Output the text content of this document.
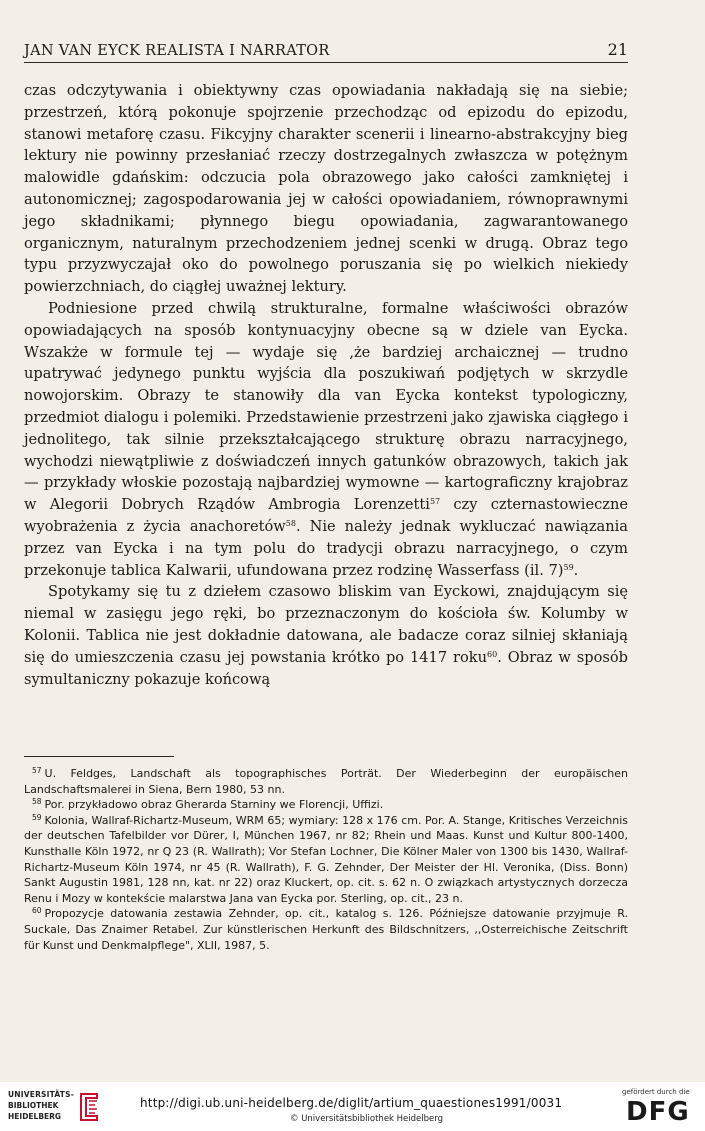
JAN VAN EYCK REALISTA I NARRATOR	21

czas odczytywania i obiektywny czas opowiadania nakładają się na siebie; przestrzeń, którą pokonuje spojrzenie przechodząc od epizodu do epizodu, stanowi metaforę czasu. Fikcyjny charakter scenerii i linearno-abstrakcyjny bieg lektury nie powinny przesłaniać rzeczy dostrzegalnych zwłaszcza w potężnym malowidle gdańskim: odczucia pola obrazowego jako całości zamkniętej i autonomicznej; zagospodarowania jej w całości opowiadaniem, równoprawnymi jego składnikami; płynnego biegu opowiadania, zagwarantowanego organicznym, naturalnym przechodzeniem jednej scenki w drugą. Obraz tego typu przyzwyczajał oko do powolnego poruszania się po wielkich niekiedy powierzchniach, do ciągłej uważnej lektury.

Podniesione przed chwilą strukturalne, formalne właściwości obrazów opowiadających na sposób kontynuacyjny obecne są w dziele van Eycka. Wszakże w formule tej — wydaje się ,że bardziej archaicznej — trudno upatrywać jedynego punktu wyjścia dla poszukiwań podjętych w skrzydle nowojorskim. Obrazy te stanowiły dla van Eycka kontekst typologiczny, przedmiot dialogu i polemiki. Przedstawienie przestrzeni jako zjawiska ciągłego i jednolitego, tak silnie przekształcającego strukturę obrazu narracyjnego, wychodzi niewątpliwie z doświadczeń innych gatunków obrazowych, takich jak — przykłady włoskie pozostają najbardziej wymowne — kartograficzny krajobraz w Alegorii Dobrych Rządów Ambrogia Lorenzetti$^{57}$ czy czternastowieczne wyobrażenia z życia anachoretów$^{58}$. Nie należy jednak wykluczać nawiązania przez van Eycka i na tym polu do tradycji obrazu narracyjnego, o czym przekonuje tablica Kalwarii, ufundowana przez rodzinę Wasserfass (il. 7)$^{59}$.

Spotykamy się tu z dziełem czasowo bliskim van Eyckowi, znajdującym się niemal w zasięgu jego ręki, bo przeznaczonym do kościoła św. Kolumby w Kolonii. Tablica nie jest dokładnie datowana, ale badacze coraz silniej skłaniają się do umieszczenia czasu jej powstania krótko po 1417 roku$^{60}$. Obraz w sposób symultaniczny pokazuje końcową

$^{57}$ U. Feldges, Landschaft als topographisches Porträt. Der Wiederbeginn der europäischen Landschaftsmalerei in Siena, Bern 1980, 53 nn.

$^{58}$ Por. przykładowo obraz Gherarda Starniny we Florencji, Uffizi.

$^{59}$ Kolonia, Wallraf-Richartz-Museum, WRM 65; wymiary: 128 x 176 cm. Por. A. Stange, Kritisches Verzeichnis der deutschen Tafelbilder vor Dürer, I, München 1967, nr 82; Rhein und Maas. Kunst und Kultur 800-1400, Kunsthalle Köln 1972, nr Q 23 (R. Wallrath); Vor Stefan Lochner, Die Kölner Maler von 1300 bis 1430, Wallraf-Richartz-Museum Köln 1974, nr 45 (R. Wallrath), F. G. Zehnder, Der Meister der Hl. Veronika, (Diss. Bonn) Sankt Augustin 1981, 128 nn, kat. nr 22) oraz Kluckert, op. cit. s. 62 n. O związkach artystycznych dorzecza Renu i Mozy w kontekście malarstwa Jana van Eycka por. Sterling, op. cit., 23 n.

$^{60}$ Propozycje datowania zestawia Zehnder, op. cit., katalog s. 126. Późniejsze datowanie przyjmuje R. Suckale, Das Znaimer Retabel. Zur künstlerischen Herkunft des Bildschnitzers, ,,Osterreichische Zeitschrift für Kunst und Denkmalpflege", XLII, 1987, 5.

UNIVERSITÄTS-
BIBLIOTHEK
HEIDELBERG
http://digi.ub.uni-heidelberg.de/diglit/artium_quaestiones1991/0031
© Universitätsbibliothek Heidelberg
gefördert durch die
DFG
